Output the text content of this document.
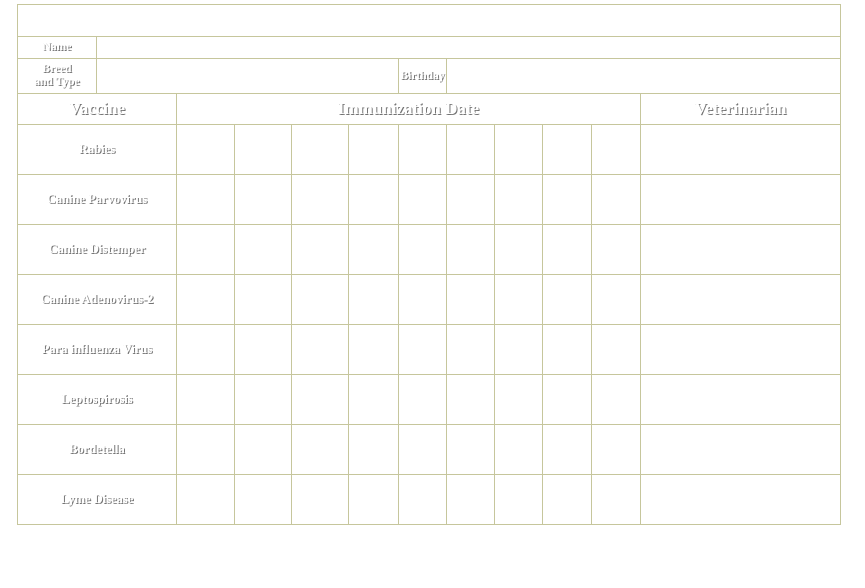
Dog Vaccination Chart											
Name											
Breed
and Type						Birthday					
Vaccine		Immunization Date									Veterinarian
Rabies											
Canine Parvovirus											
Canine Distemper											
Canine Adenovirus-2											
Para influenza Virus											
Leptospirosis											
Bordetella											
Lyme Disease											
